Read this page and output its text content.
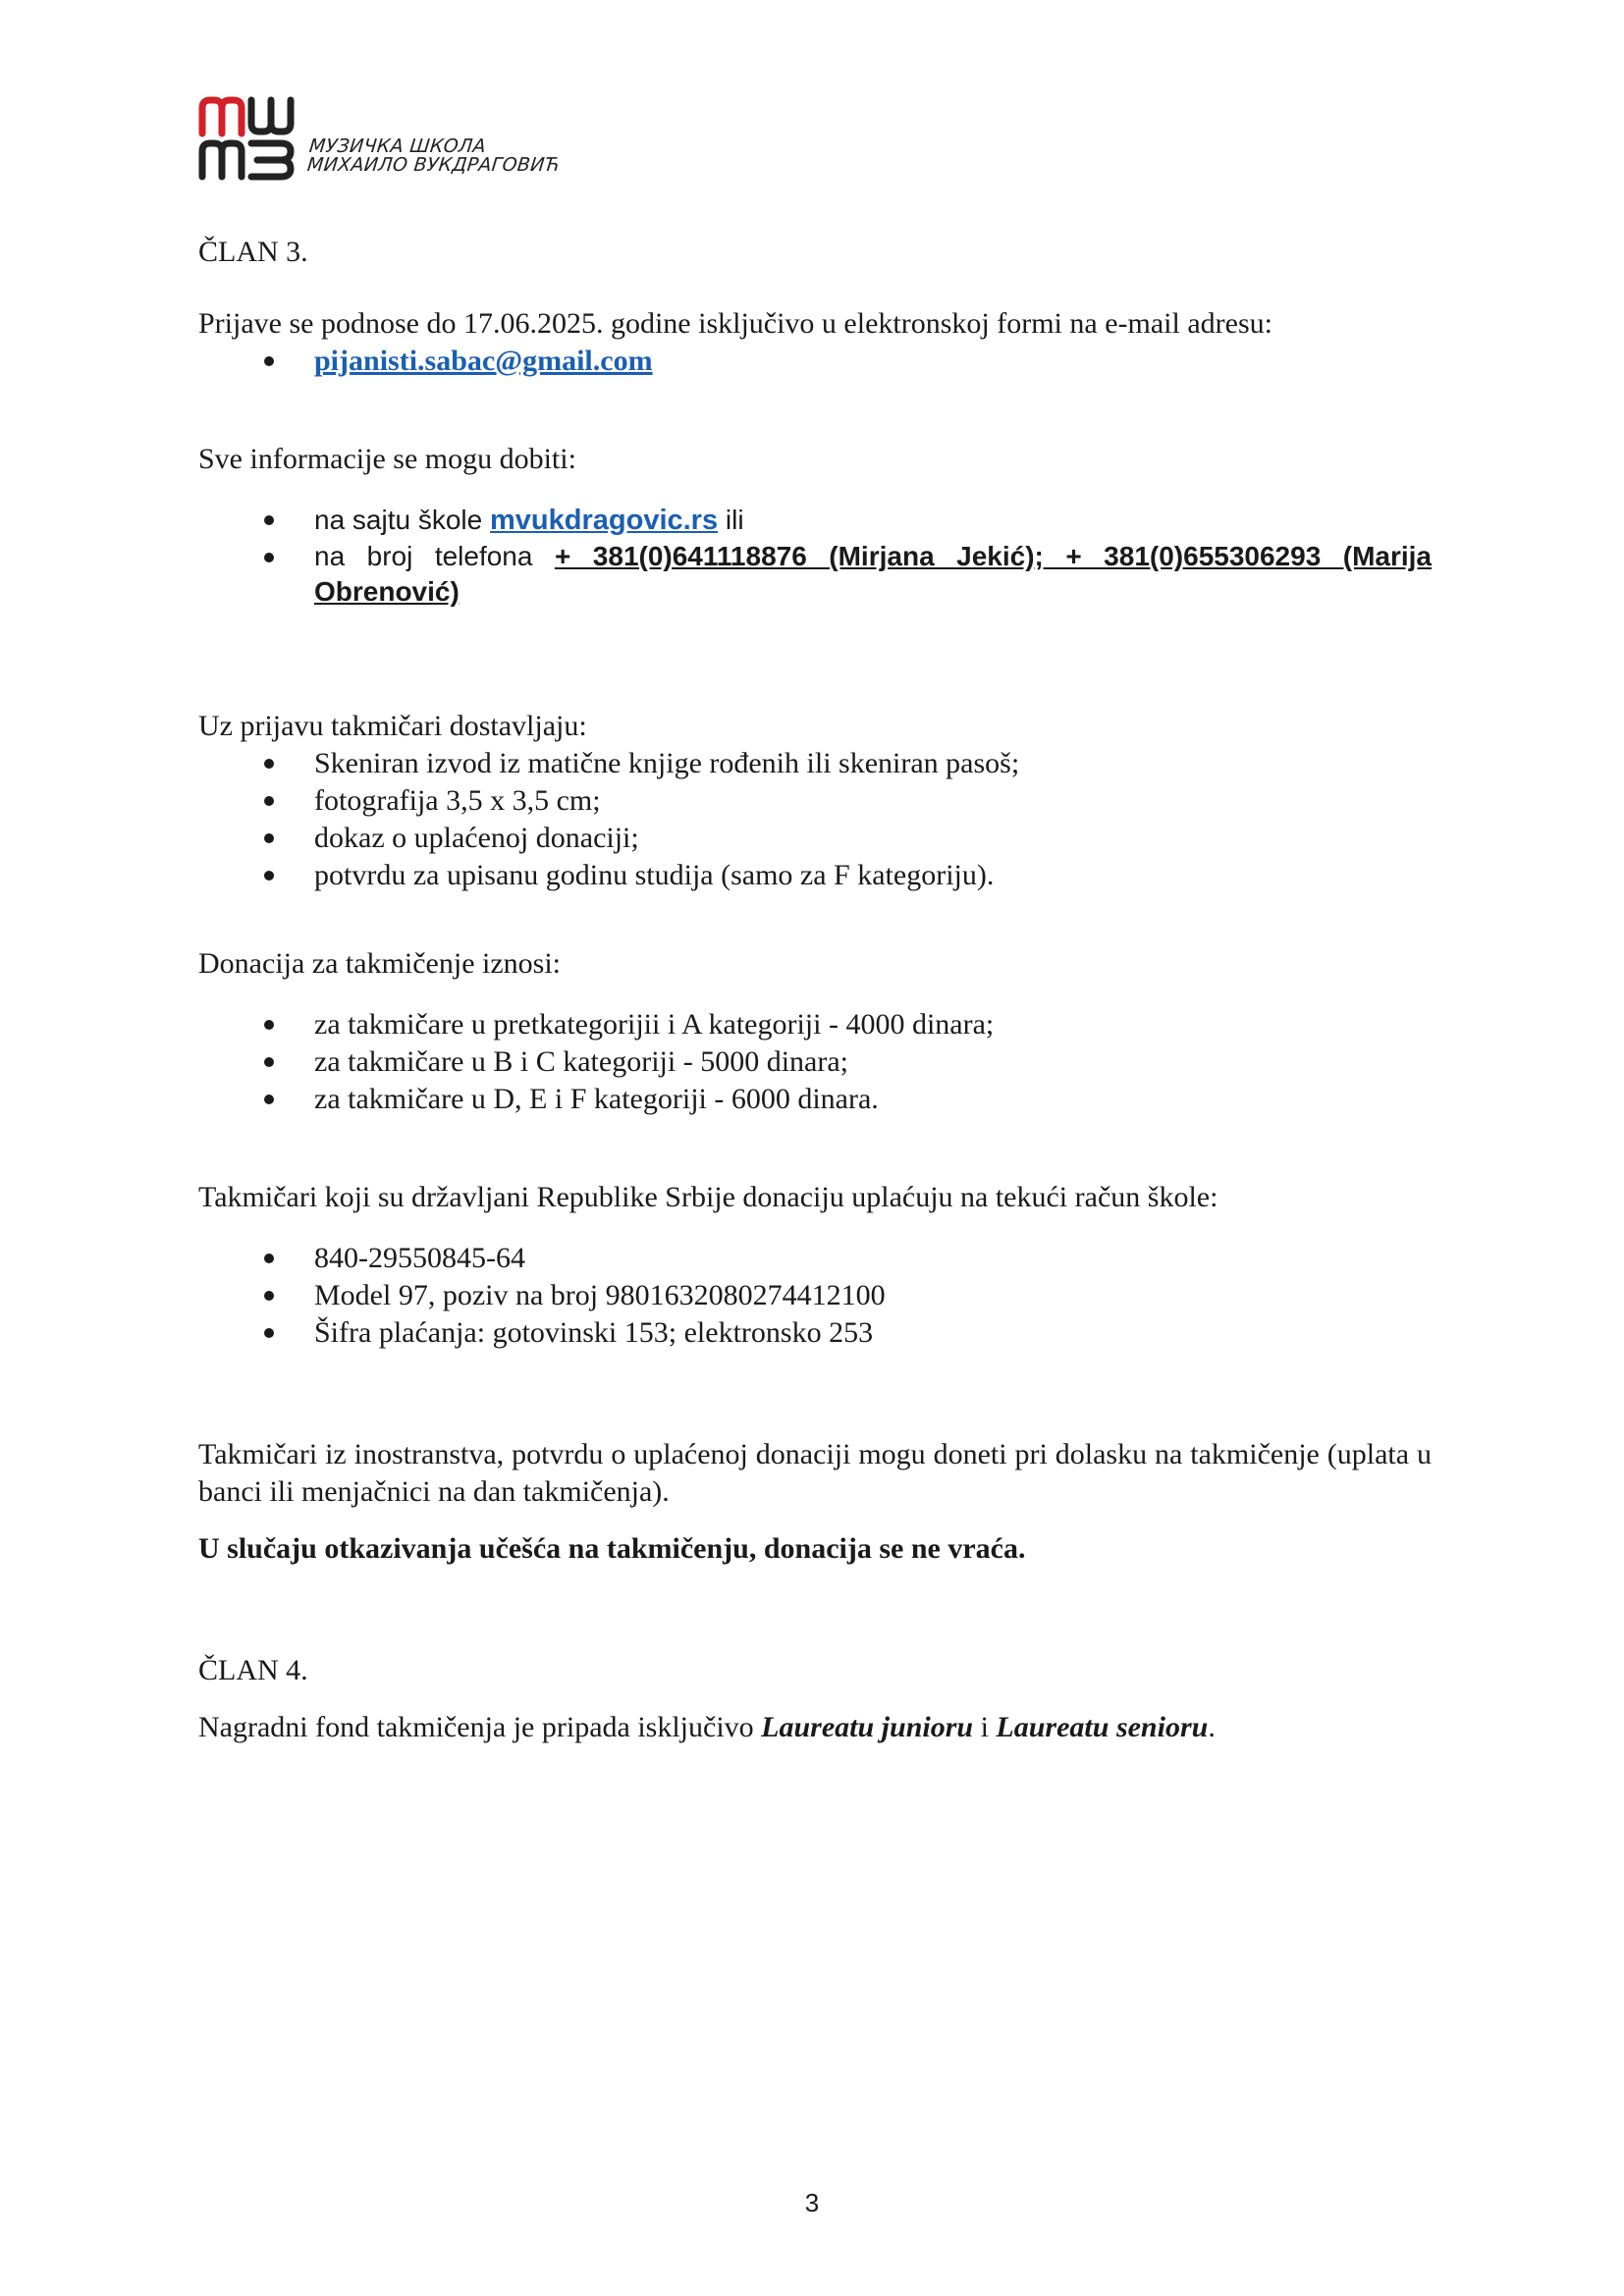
МУЗИЧКА ШКОЛА
МИХАИЛО ВУКДРАГОВИЋ

ČLAN 3.

Prijave se podnose do 17.06.2025. godine isključivo u elektronskoj formi na e-mail adresu:

pijanisti.sabac@gmail.com

Sve informacije se mogu dobiti:

na sajtu škole mvukdragovic.rs ili
na broj telefona + 381(0)641118876 (Mirjana Jekić); + 381(0)655306293 (Marija Obrenović)

Uz prijavu takmičari dostavljaju:

Skeniran izvod iz matične knjige rođenih ili skeniran pasoš;
fotografija 3,5 x 3,5 cm;
dokaz o uplaćenoj donaciji;
potvrdu za upisanu godinu studija (samo za F kategoriju).

Donacija za takmičenje iznosi:

za takmičare u pretkategorijii i A kategoriji - 4000 dinara;
za takmičare u B i C kategoriji - 5000 dinara;
za takmičare u D, E i F kategoriji - 6000 dinara.

Takmičari koji su državljani Republike Srbije donaciju uplaćuju na tekući račun škole:

840-29550845-64
Model 97, poziv na broj 9801632080274412100
Šifra plaćanja: gotovinski 153; elektronsko 253

Takmičari iz inostranstva, potvrdu o uplaćenoj donaciji mogu doneti pri dolasku na takmičenje (uplata u banci ili menjačnici na dan takmičenja).

U slučaju otkazivanja učešća na takmičenju, donacija se ne vraća.

ČLAN 4.

Nagradni fond takmičenja je pripada isključivo Laureatu junioru i Laureatu senioru.

3
